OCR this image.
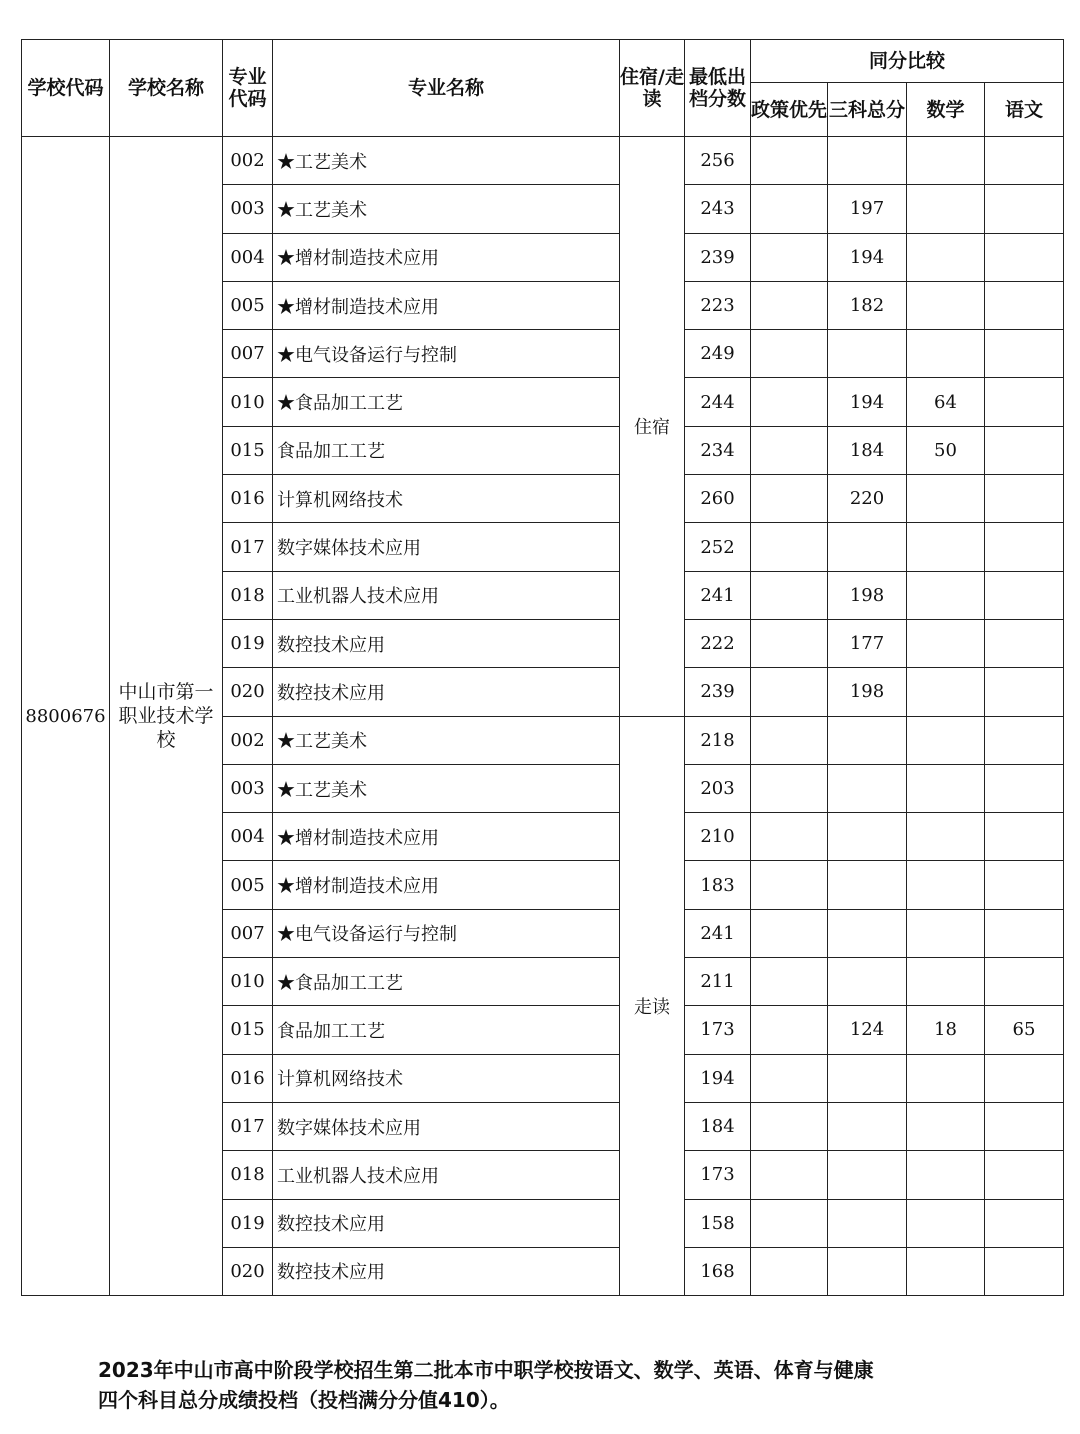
学校代码	学校名称	专业代码	专业名称	住宿/走读	最低出档分数	同分比较			
						政策优先	三科总分	数学	语文
8800676	中山市第一职业技术学校	002	★工艺美术	住宿	256				
		003	★工艺美术		243		197		
		004	★增材制造技术应用		239		194		
		005	★增材制造技术应用		223		182		
		007	★电气设备运行与控制		249				
		010	★食品加工工艺		244		194	64	
		015	食品加工工艺		234		184	50	
		016	计算机网络技术		260		220		
		017	数字媒体技术应用		252				
		018	工业机器人技术应用		241		198		
		019	数控技术应用		222		177		
		020	数控技术应用		239		198		
		002	★工艺美术	走读	218				
		003	★工艺美术		203				
		004	★增材制造技术应用		210				
		005	★增材制造技术应用		183				
		007	★电气设备运行与控制		241				
		010	★食品加工工艺		211				
		015	食品加工工艺		173		124	18	65
		016	计算机网络技术		194				
		017	数字媒体技术应用		184				
		018	工业机器人技术应用		173				
		019	数控技术应用		158				
		020	数控技术应用		168				
2023年中山市高中阶段学校招生第二批本市中职学校按语文、数学、英语、体育与健康
四个科目总分成绩投档（投档满分分值410）。
